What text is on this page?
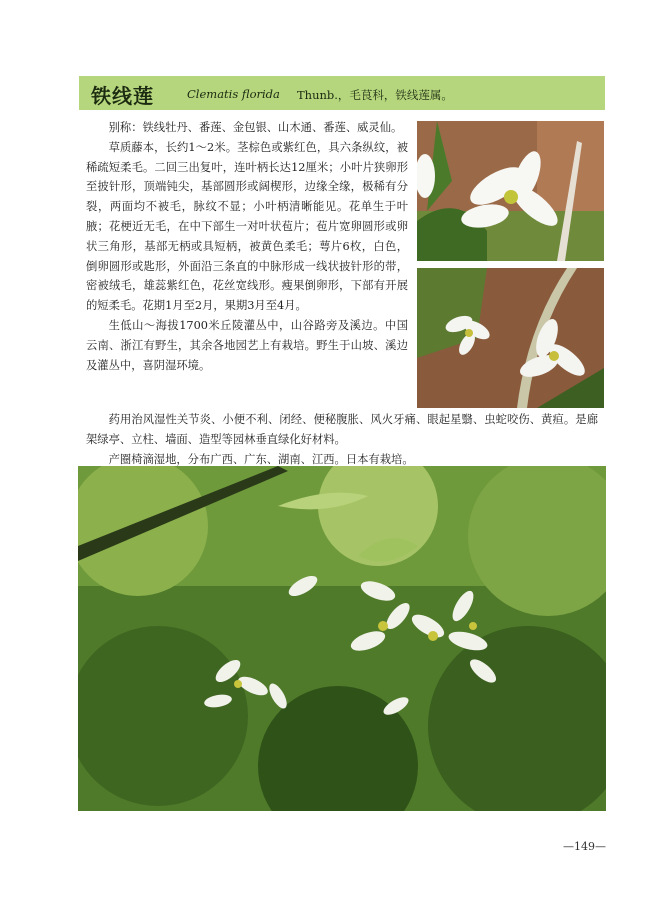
铁线莲	Clematis florida Thunb.，毛茛科，铁线莲属。

别称：铁线牡丹、番莲、金包银、山木通、番莲、威灵仙。

草质藤本，长约1～2米。茎棕色或紫红色，具六条纵纹，被稀疏短柔毛。二回三出复叶，连叶柄长达12厘米；小叶片狭卵形至披针形，顶端钝尖，基部圆形或阔楔形，边缘全缘，极稀有分裂，两面均不被毛，脉纹不显；小叶柄清晰能见。花单生于叶腋；花梗近无毛，在中下部生一对叶状苞片；苞片宽卵圆形或卵状三角形，基部无柄或具短柄，被黄色柔毛；萼片6枚，白色，倒卵圆形或匙形，外面沿三条直的中脉形成一线状披针形的带，密被绒毛，雄蕊紫红色，花丝宽线形。瘦果倒卵形，下部有开展的短柔毛。花期1月至2月，果期3月至4月。

生低山～海拔1700米丘陵灌丛中，山谷路旁及溪边。中国云南、浙江有野生，其余各地园艺上有栽培。野生于山坡、溪边及灌丛中，喜阴湿环境。

药用治风湿性关节炎、小便不利、闭经、便秘腹胀、风火牙痛、眼起星翳、虫蛇咬伤、黄疸。是廊架绿亭、立柱、墙面、造型等园林垂直绿化好材料。

产圈椅滴湿地，分布广西、广东、湖南、江西。日本有栽培。

—149—
